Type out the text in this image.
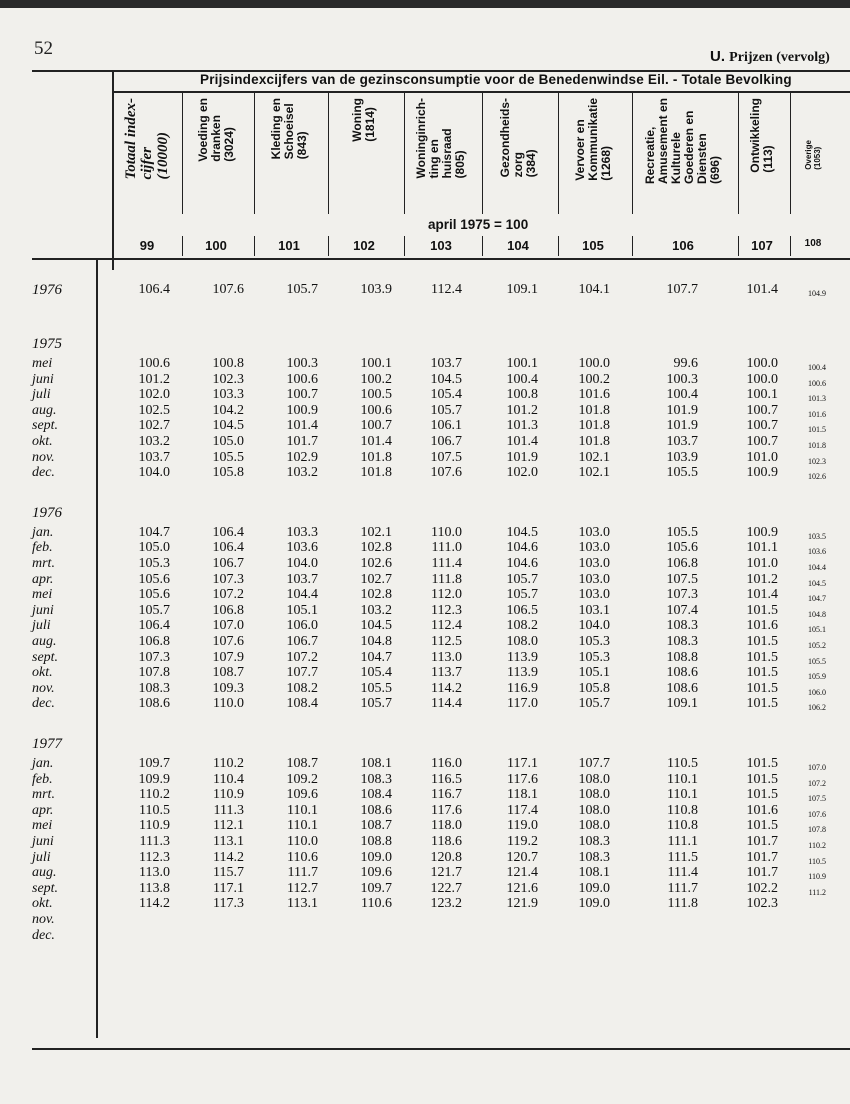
52	U. Prijzen (vervolg)
Prijsindexcijfers van de gezinsconsumptie voor de Benedenwindse Eil. - Totale Bevolking
Totaal index- cijfer (10000)
99
Voeding en dranken (3024)
100
Kleding en Schoeisel (843)
101
Woning (1814)
102
Woninginrich- ting en huisraad (805)
103
Gezondheids- zorg (384)
104
Vervoer en Kommunikatie (1268)
105
Recreatie, Amusement en Kulturele Goederen en Diensten (696)
106
Ontwikkeling (113)
107
Overige (1053)
108
april 1975 = 100
1976	106.4	107.6	105.7	103.9	112.4	109.1	104.1	107.7	101.4	104.9
1975
mei	100.6	100.8	100.3	100.1	103.7	100.1	100.0	99.6	100.0	100.4
juni	101.2	102.3	100.6	100.2	104.5	100.4	100.2	100.3	100.0	100.6
juli	102.0	103.3	100.7	100.5	105.4	100.8	101.6	100.4	100.1	101.3
aug.	102.5	104.2	100.9	100.6	105.7	101.2	101.8	101.9	100.7	101.6
sept.	102.7	104.5	101.4	100.7	106.1	101.3	101.8	101.9	100.7	101.5
okt.	103.2	105.0	101.7	101.4	106.7	101.4	101.8	103.7	100.7	101.8
nov.	103.7	105.5	102.9	101.8	107.5	101.9	102.1	103.9	101.0	102.3
dec.	104.0	105.8	103.2	101.8	107.6	102.0	102.1	105.5	100.9	102.6
1976
jan.	104.7	106.4	103.3	102.1	110.0	104.5	103.0	105.5	100.9	103.5
feb.	105.0	106.4	103.6	102.8	111.0	104.6	103.0	105.6	101.1	103.6
mrt.	105.3	106.7	104.0	102.6	111.4	104.6	103.0	106.8	101.0	104.4
apr.	105.6	107.3	103.7	102.7	111.8	105.7	103.0	107.5	101.2	104.5
mei	105.6	107.2	104.4	102.8	112.0	105.7	103.0	107.3	101.4	104.7
juni	105.7	106.8	105.1	103.2	112.3	106.5	103.1	107.4	101.5	104.8
juli	106.4	107.0	106.0	104.5	112.4	108.2	104.0	108.3	101.6	105.1
aug.	106.8	107.6	106.7	104.8	112.5	108.0	105.3	108.3	101.5	105.2
sept.	107.3	107.9	107.2	104.7	113.0	113.9	105.3	108.8	101.5	105.5
okt.	107.8	108.7	107.7	105.4	113.7	113.9	105.1	108.6	101.5	105.9
nov.	108.3	109.3	108.2	105.5	114.2	116.9	105.8	108.6	101.5	106.0
dec.	108.6	110.0	108.4	105.7	114.4	117.0	105.7	109.1	101.5	106.2
1977
jan.	109.7	110.2	108.7	108.1	116.0	117.1	107.7	110.5	101.5	107.0
feb.	109.9	110.4	109.2	108.3	116.5	117.6	108.0	110.1	101.5	107.2
mrt.	110.2	110.9	109.6	108.4	116.7	118.1	108.0	110.1	101.5	107.5
apr.	110.5	111.3	110.1	108.6	117.6	117.4	108.0	110.8	101.6	107.6
mei	110.9	112.1	110.1	108.7	118.0	119.0	108.0	110.8	101.5	107.8
juni	111.3	113.1	110.0	108.8	118.6	119.2	108.3	111.1	101.7	110.2
juli	112.3	114.2	110.6	109.0	120.8	120.7	108.3	111.5	101.7	110.5
aug.	113.0	115.7	111.7	109.6	121.7	121.4	108.1	111.4	101.7	110.9
sept.	113.8	117.1	112.7	109.7	122.7	121.6	109.0	111.7	102.2	111.2
okt.	114.2	117.3	113.1	110.6	123.2	121.9	109.0	111.8	102.3
nov.
dec.
